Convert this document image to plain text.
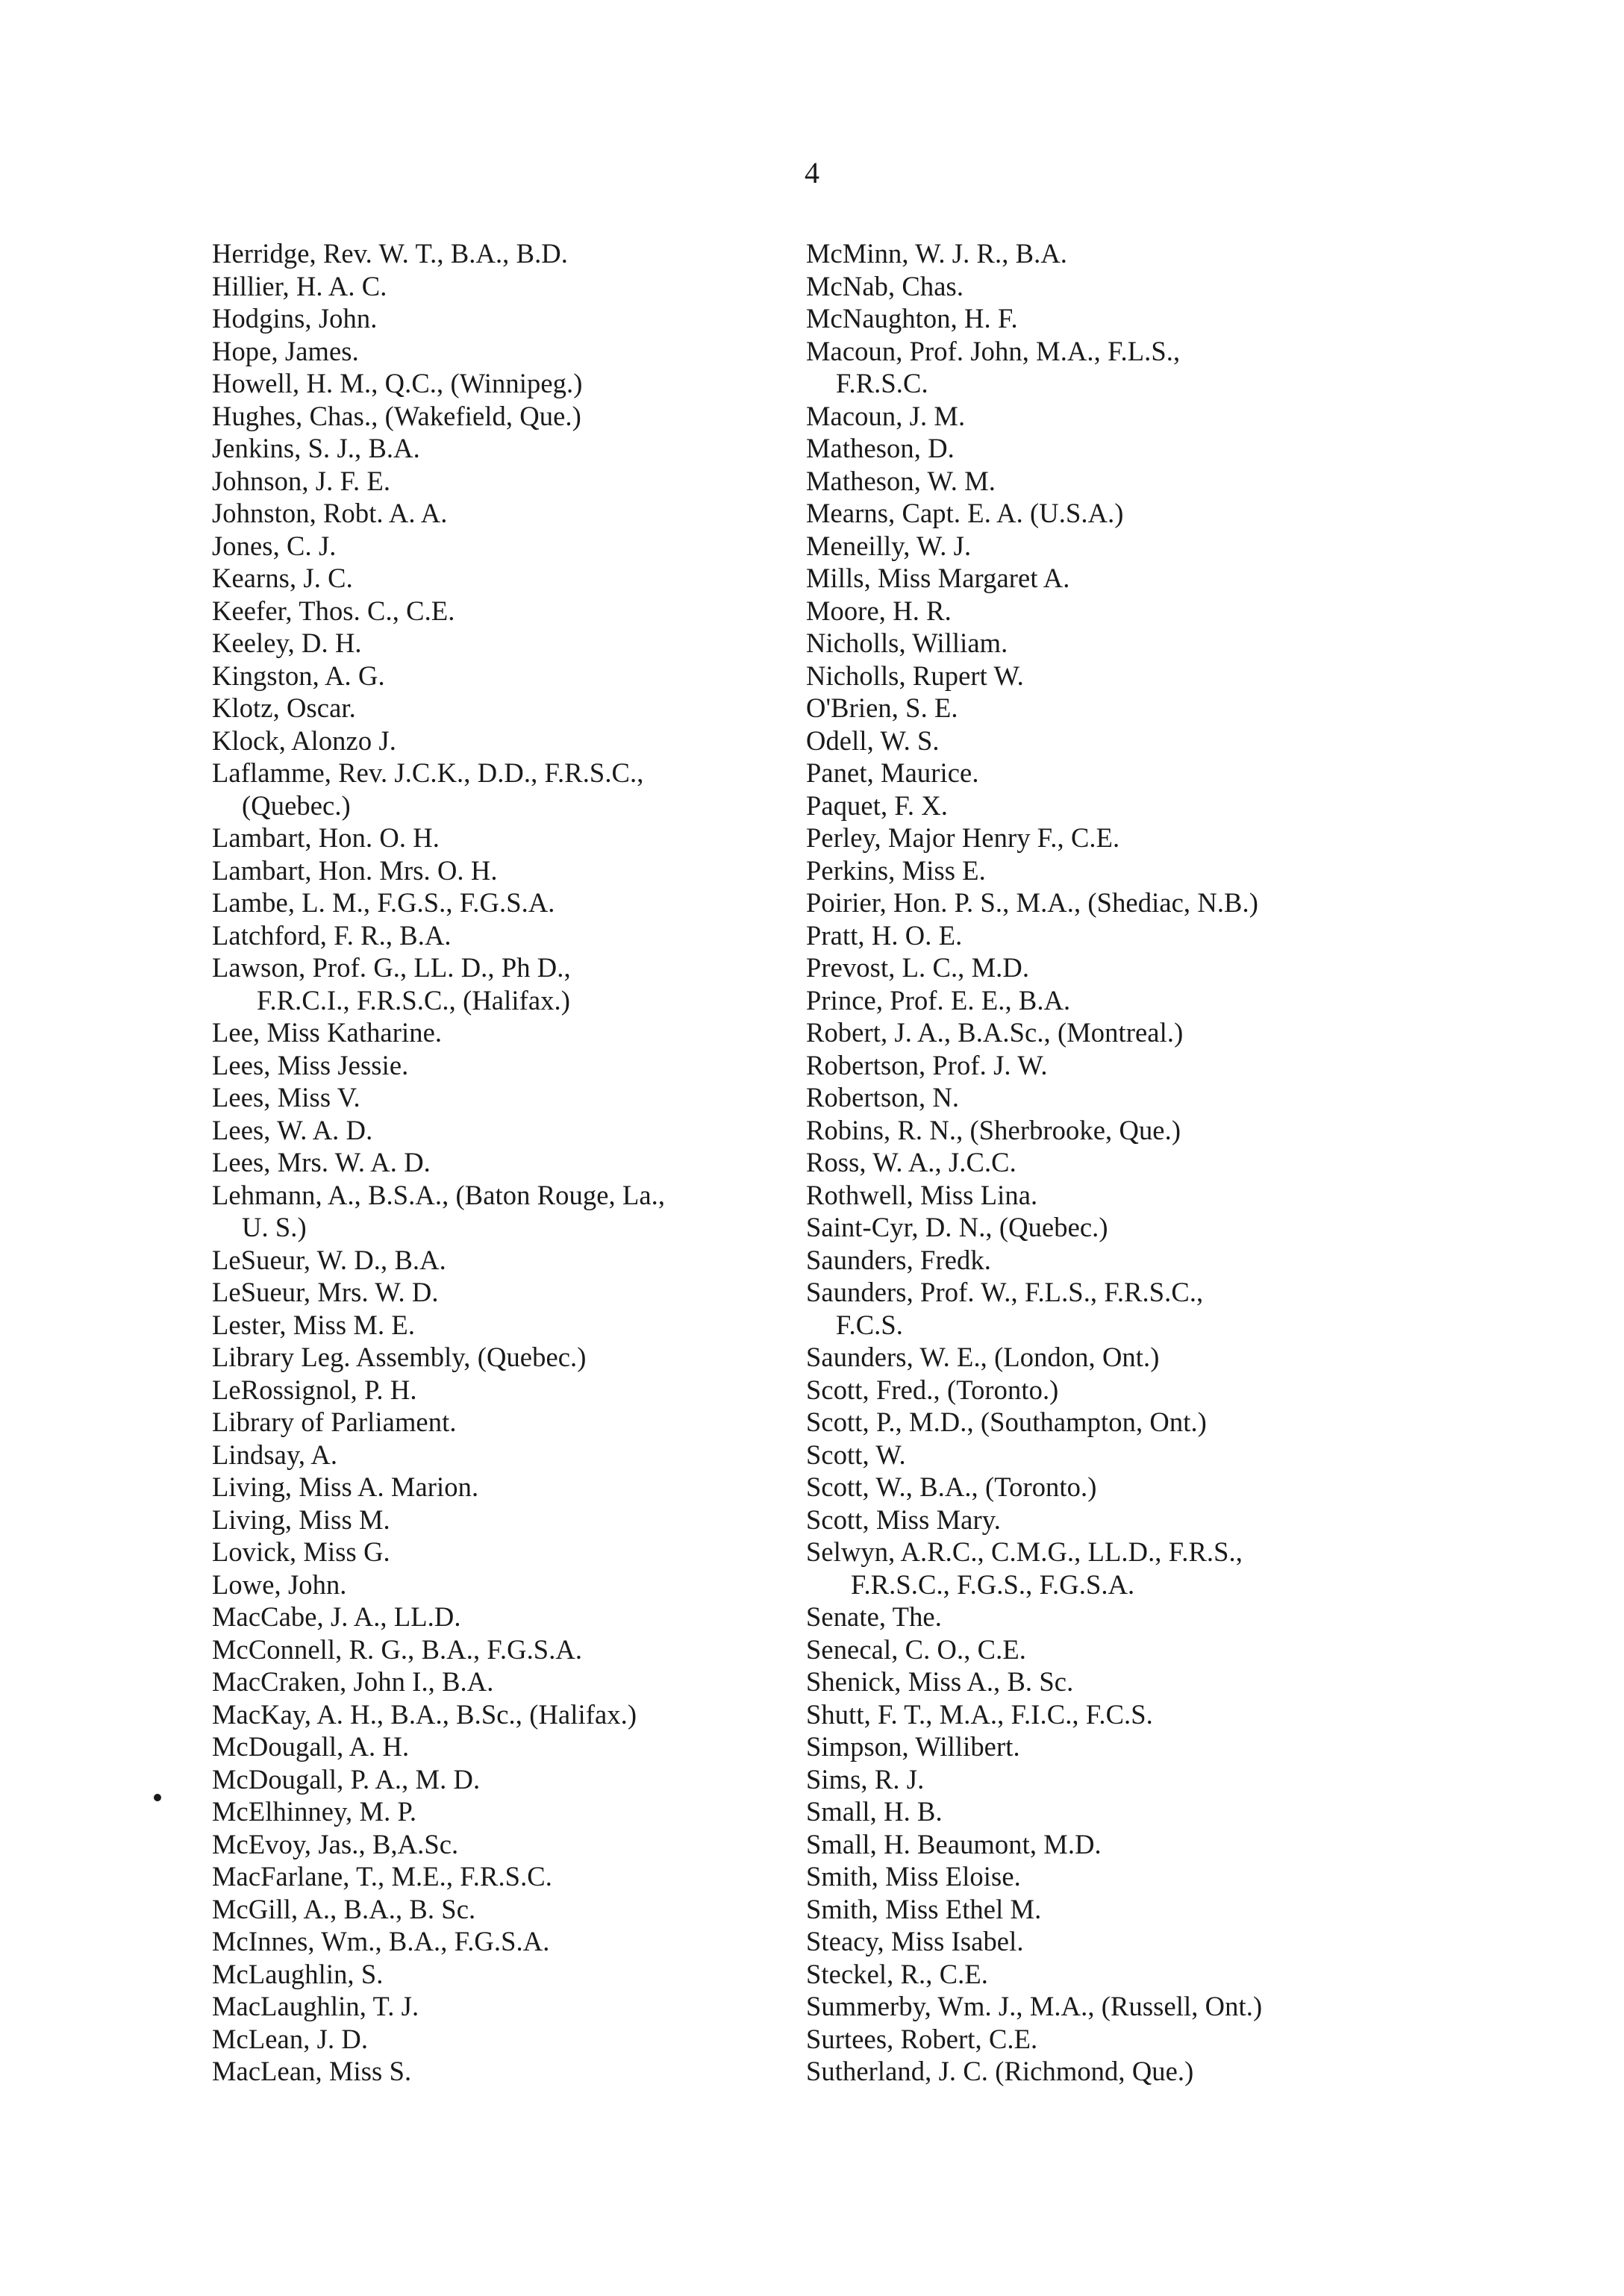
4
Herridge, Rev. W. T., B.A., B.D.
Hillier, H. A. C.
Hodgins, John.
Hope, James.
Howell, H. M., Q.C., (Winnipeg.)
Hughes, Chas., (Wakefield, Que.)
Jenkins, S. J., B.A.
Johnson, J. F. E.
Johnston, Robt. A. A.
Jones, C. J.
Kearns, J. C.
Keefer, Thos. C., C.E.
Keeley, D. H.
Kingston, A. G.
Klotz, Oscar.
Klock, Alonzo J.
Laflamme, Rev. J.C.K., D.D., F.R.S.C.,
(Quebec.)
Lambart, Hon. O. H.
Lambart, Hon. Mrs. O. H.
Lambe, L. M., F.G.S., F.G.S.A.
Latchford, F. R., B.A.
Lawson, Prof. G., LL. D., Ph D.,
F.R.C.I., F.R.S.C., (Halifax.)
Lee, Miss Katharine.
Lees, Miss Jessie.
Lees, Miss V.
Lees, W. A. D.
Lees, Mrs. W. A. D.
Lehmann, A., B.S.A., (Baton Rouge, La.,
U. S.)
LeSueur, W. D., B.A.
LeSueur, Mrs. W. D.
Lester, Miss M. E.
Library Leg. Assembly, (Quebec.)
LeRossignol, P. H.
Library of Parliament.
Lindsay, A.
Living, Miss A. Marion.
Living, Miss M.
Lovick, Miss G.
Lowe, John.
MacCabe, J. A., LL.D.
McConnell, R. G., B.A., F.G.S.A.
MacCraken, John I., B.A.
MacKay, A. H., B.A., B.Sc., (Halifax.)
McDougall, A. H.
McDougall, P. A., M. D.
McElhinney, M. P.
McEvoy, Jas., B,A.Sc.
MacFarlane, T., M.E., F.R.S.C.
McGill, A., B.A., B. Sc.
McInnes, Wm., B.A., F.G.S.A.
McLaughlin, S.
MacLaughlin, T. J.
McLean, J. D.
MacLean, Miss S.
McMinn, W. J. R., B.A.
McNab, Chas.
McNaughton, H. F.
Macoun, Prof. John, M.A., F.L.S.,
F.R.S.C.
Macoun, J. M.
Matheson, D.
Matheson, W. M.
Mearns, Capt. E. A. (U.S.A.)
Meneilly, W. J.
Mills, Miss Margaret A.
Moore, H. R.
Nicholls, William.
Nicholls, Rupert W.
O'Brien, S. E.
Odell, W. S.
Panet, Maurice.
Paquet, F. X.
Perley, Major Henry F., C.E.
Perkins, Miss E.
Poirier, Hon. P. S., M.A., (Shediac, N.B.)
Pratt, H. O. E.
Prevost, L. C., M.D.
Prince, Prof. E. E., B.A.
Robert, J. A., B.A.Sc., (Montreal.)
Robertson, Prof. J. W.
Robertson, N.
Robins, R. N., (Sherbrooke, Que.)
Ross, W. A., J.C.C.
Rothwell, Miss Lina.
Saint-Cyr, D. N., (Quebec.)
Saunders, Fredk.
Saunders, Prof. W., F.L.S., F.R.S.C.,
F.C.S.
Saunders, W. E., (London, Ont.)
Scott, Fred., (Toronto.)
Scott, P., M.D., (Southampton, Ont.)
Scott, W.
Scott, W., B.A., (Toronto.)
Scott, Miss Mary.
Selwyn, A.R.C., C.M.G., LL.D., F.R.S.,
F.R.S.C., F.G.S., F.G.S.A.
Senate, The.
Senecal, C. O., C.E.
Shenick, Miss A., B. Sc.
Shutt, F. T., M.A., F.I.C., F.C.S.
Simpson, Willibert.
Sims, R. J.
Small, H. B.
Small, H. Beaumont, M.D.
Smith, Miss Eloise.
Smith, Miss Ethel M.
Steacy, Miss Isabel.
Steckel, R., C.E.
Summerby, Wm. J., M.A., (Russell, Ont.)
Surtees, Robert, C.E.
Sutherland, J. C. (Richmond, Que.)
